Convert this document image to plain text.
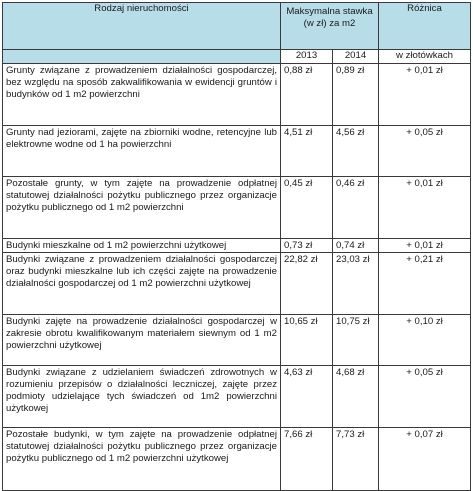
Rodzaj nieruchomości	Maksymalna stawka (w zł) za m2		Różnica
	2013	2014	w złotówkach
Grunty związane z prowadzeniem działalności gospodarczej, bez względu na sposób zakwalifikowania w ewidencji gruntów i budynków od 1 m2 powierzchni	0,88 zł	0,89 zł	+ 0,01 zł
Grunty nad jeziorami, zajęte na zbiorniki wodne, retencyjne lub elektrowne wodne od 1 ha powierzchni	4,51 zł	4,56 zł	+ 0,05 zł
Pozostałe grunty, w tym zajęte na prowadzenie odpłatnej statutowej działalności pożytku publicznego przez organizacje pożytku publicznego od 1 m2 powierzchni	0,45 zł	0,46 zł	+ 0,01 zł
Budynki mieszkalne od 1 m2 powierzchni użytkowej	0,73 zł	0,74 zł	+ 0,01 zł
Budynki związane z prowadzeniem działalności gospodarczej oraz budynki mieszkalne lub ich części zajęte na prowadzenie działalności gospodarczej od 1 m2 powierzchni użytkowej	22,82 zł	23,03 zł	+ 0,21 zł
Budynki zajęte na prowadzenie działalności gospodarczej w zakresie obrotu kwalifikowanym materiałem siewnym od 1 m2 powierzchni użytkowej	10,65 zł	10,75 zł	+ 0,10 zł
Budynki związane z udzielaniem świadczeń zdrowotnych w rozumieniu przepisów o działalności leczniczej, zajęte przez podmioty udzielające tych świadczeń od 1m2 powierzchni użytkowej	4,63 zł	4,68 zł	+ 0,05 zł
Pozostałe budynki, w tym zajęte na prowadzenie odpłatnej statutowej działalności pożytku publicznego przez organizacje pożytku publicznego od 1 m2 powierzchni użytkowej	7,66 zł	7,73 zł	+ 0,07 zł
